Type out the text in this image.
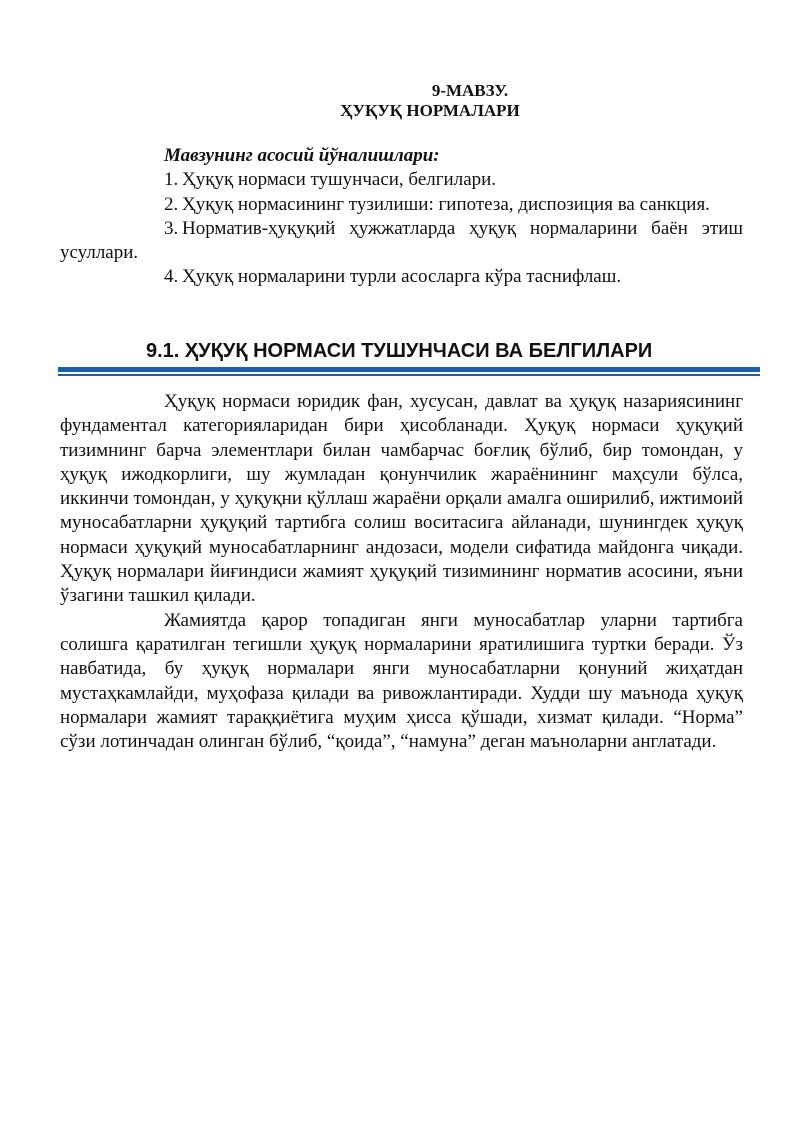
9-МАВЗУ.

ҲУҚУҚ НОРМАЛАРИ

Мавзунинг асосий йўналишлари:

1. Ҳуқуқ нормаси тушунчаси, белгилари.
2. Ҳуқуқ нормасининг тузилиши: гипотеза, диспозиция ва санкция.
3. Норматив-ҳуқуқий ҳужжатларда ҳуқуқ нормаларини баён этиш усуллари.
4. Ҳуқуқ нормаларини турли асосларга кўра таснифлаш.
9.1. ҲУҚУҚ НОРМАСИ ТУШУНЧАСИ ВА БЕЛГИЛАРИ

Ҳуқуқ нормаси юридик фан, хусусан, давлат ва ҳуқуқ назариясининг фундаментал категорияларидан бири ҳисобланади. Ҳуқуқ нормаси ҳуқуқий тизимнинг барча элементлари билан чамбарчас боғлиқ бўлиб, бир томондан, у ҳуқуқ ижодкорлиги, шу жумладан қонунчилик жараёнининг маҳсули бўлса, иккинчи томондан, у ҳуқуқни қўллаш жараёни орқали амалга оширилиб, ижтимоий муносабатларни ҳуқуқий тартибга солиш воситасига айланади, шунингдек ҳуқуқ нормаси ҳуқуқий муносабатларнинг андозаси, модели сифатида майдонга чиқади. Ҳуқуқ нормалари йиғиндиси жамият ҳуқуқий тизимининг норматив асосини, яъни ўзагини ташкил қилади.

Жамиятда қарор топадиган янги муносабатлар уларни тартибга солишга қаратилган тегишли ҳуқуқ нормаларини яратилишига туртки беради. Ўз навбатида, бу ҳуқуқ нормалари янги муносабатларни қонуний жиҳатдан мустаҳкамлайди, муҳофаза қилади ва ривожлантиради. Худди шу маънода ҳуқуқ нормалари жамият тараққиётига муҳим ҳисса қўшади, хизмат қилади. “Норма” сўзи лотинчадан олинган бўлиб, “қоида”, “намуна” деган маъноларни англатади.
